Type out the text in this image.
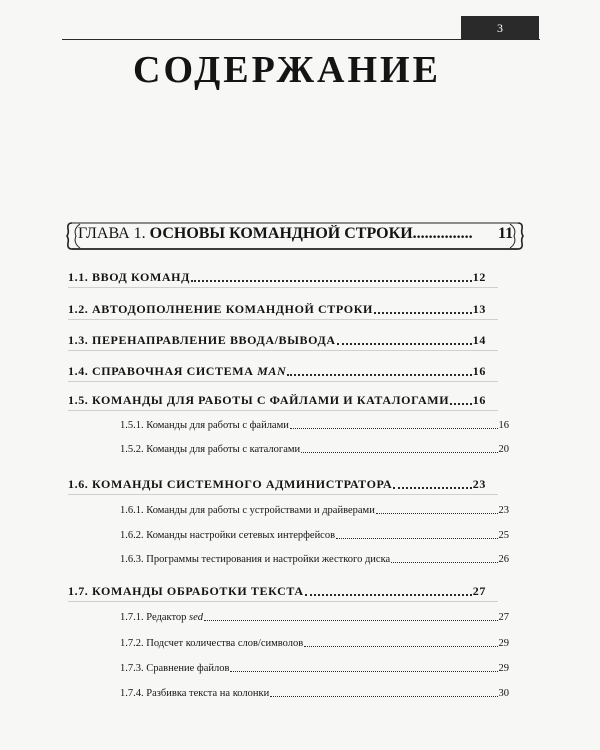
3
СОДЕРЖАНИЕ
ГЛАВА 1. ОСНОВЫ КОМАНДНОЙ СТРОКИ...............	11
1.1. ВВОД КОМАНД	12
1.2. АВТОДОПОЛНЕНИЕ КОМАНДНОЙ СТРОКИ	13
1.3. ПЕРЕНАПРАВЛЕНИЕ ВВОДА/ВЫВОДА	14
1.4. СПРАВОЧНАЯ СИСТЕМА MAN	16
1.5. КОМАНДЫ ДЛЯ РАБОТЫ С ФАЙЛАМИ И КАТАЛОГАМИ 16
1.5.1. Команды для работы с файлами	16
1.5.2. Команды для работы с каталогами	20
1.6. КОМАНДЫ СИСТЕМНОГО АДМИНИСТРАТОРА	23
1.6.1. Команды для работы с устройствами и драйверами	23
1.6.2. Команды настройки сетевых интерфейсов	25
1.6.3. Программы тестирования и настройки жесткого диска	26
1.7. КОМАНДЫ ОБРАБОТКИ ТЕКСТА	27
1.7.1. Редактор sed	27
1.7.2. Подсчет количества слов/символов	29
1.7.3. Сравнение файлов	29
1.7.4. Разбивка текста на колонки	30
